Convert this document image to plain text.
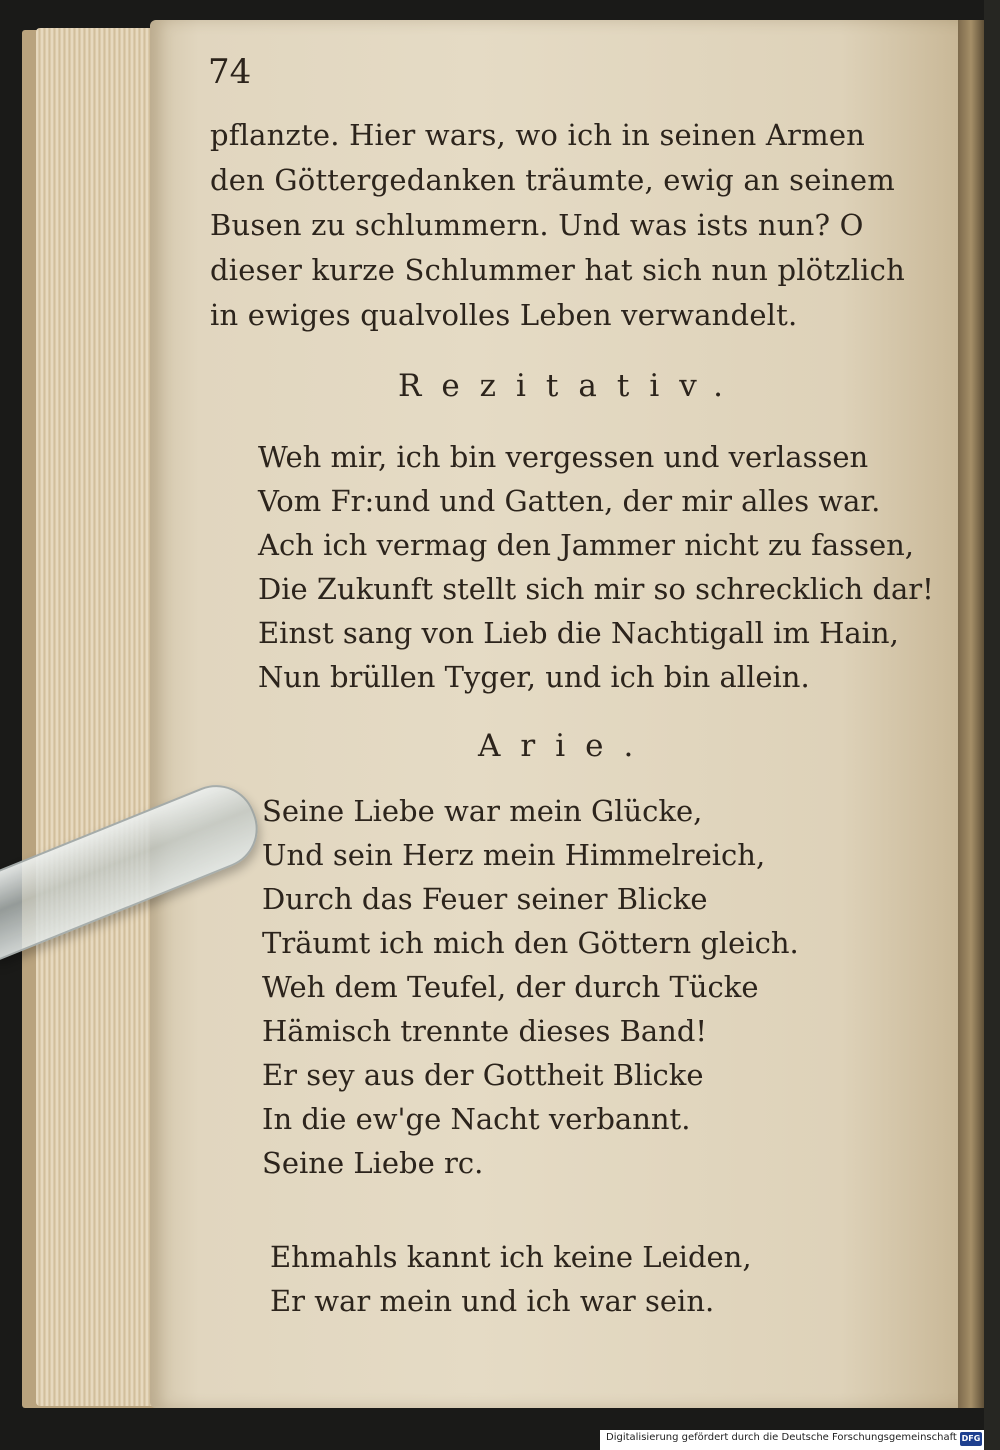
74
pflanzte. Hier wars, wo ich in seinen Armen
den Göttergedanken träumte, ewig an seinem
Busen zu schlummern. Und was ists nun? O
dieser kurze Schlummer hat sich nun plötzlich
in ewiges qualvolles Leben verwandelt.
Rezitativ.
Weh mir, ich bin vergessen und verlassen
Vom Fr:und und Gatten, der mir alles war.
Ach ich vermag den Jammer nicht zu fassen,
Die Zukunft stellt sich mir so schrecklich dar!
Einst sang von Lieb die Nachtigall im Hain,
Nun brüllen Tyger, und ich bin allein.
Arie.
Seine Liebe war mein Glücke,
Und sein Herz mein Himmelreich,
Durch das Feuer seiner Blicke
Träumt ich mich den Göttern gleich.
Weh dem Teufel, der durch Tücke
Hämisch trennte dieses Band!
Er sey aus der Gottheit Blicke
In die ew'ge Nacht verbannt.
Seine Liebe rc.
Ehmahls kannt ich keine Leiden,
Er war mein und ich war sein.
Digitalisierung gefördert durch die Deutsche Forschungsgemeinschaft DFG
